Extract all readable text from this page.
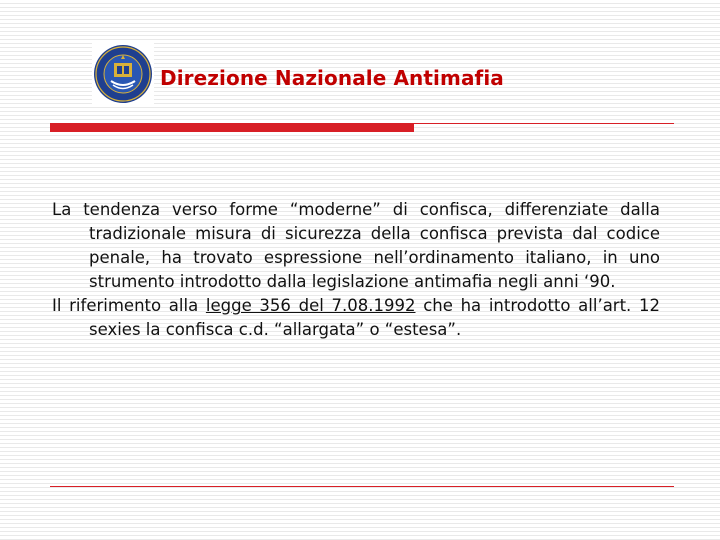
Direzione Nazionale Antimafia

La tendenza verso forme “moderne” di confisca, differenziate dalla tradizionale misura di sicurezza della confisca prevista dal codice penale, ha trovato espressione nell’ordinamento italiano, in uno strumento introdotto dalla legislazione antimafia negli anni ‘90.

Il riferimento alla legge 356 del 7.08.1992 che ha introdotto all’art. 12 sexies la confisca c.d. “allargata” o “estesa”.
